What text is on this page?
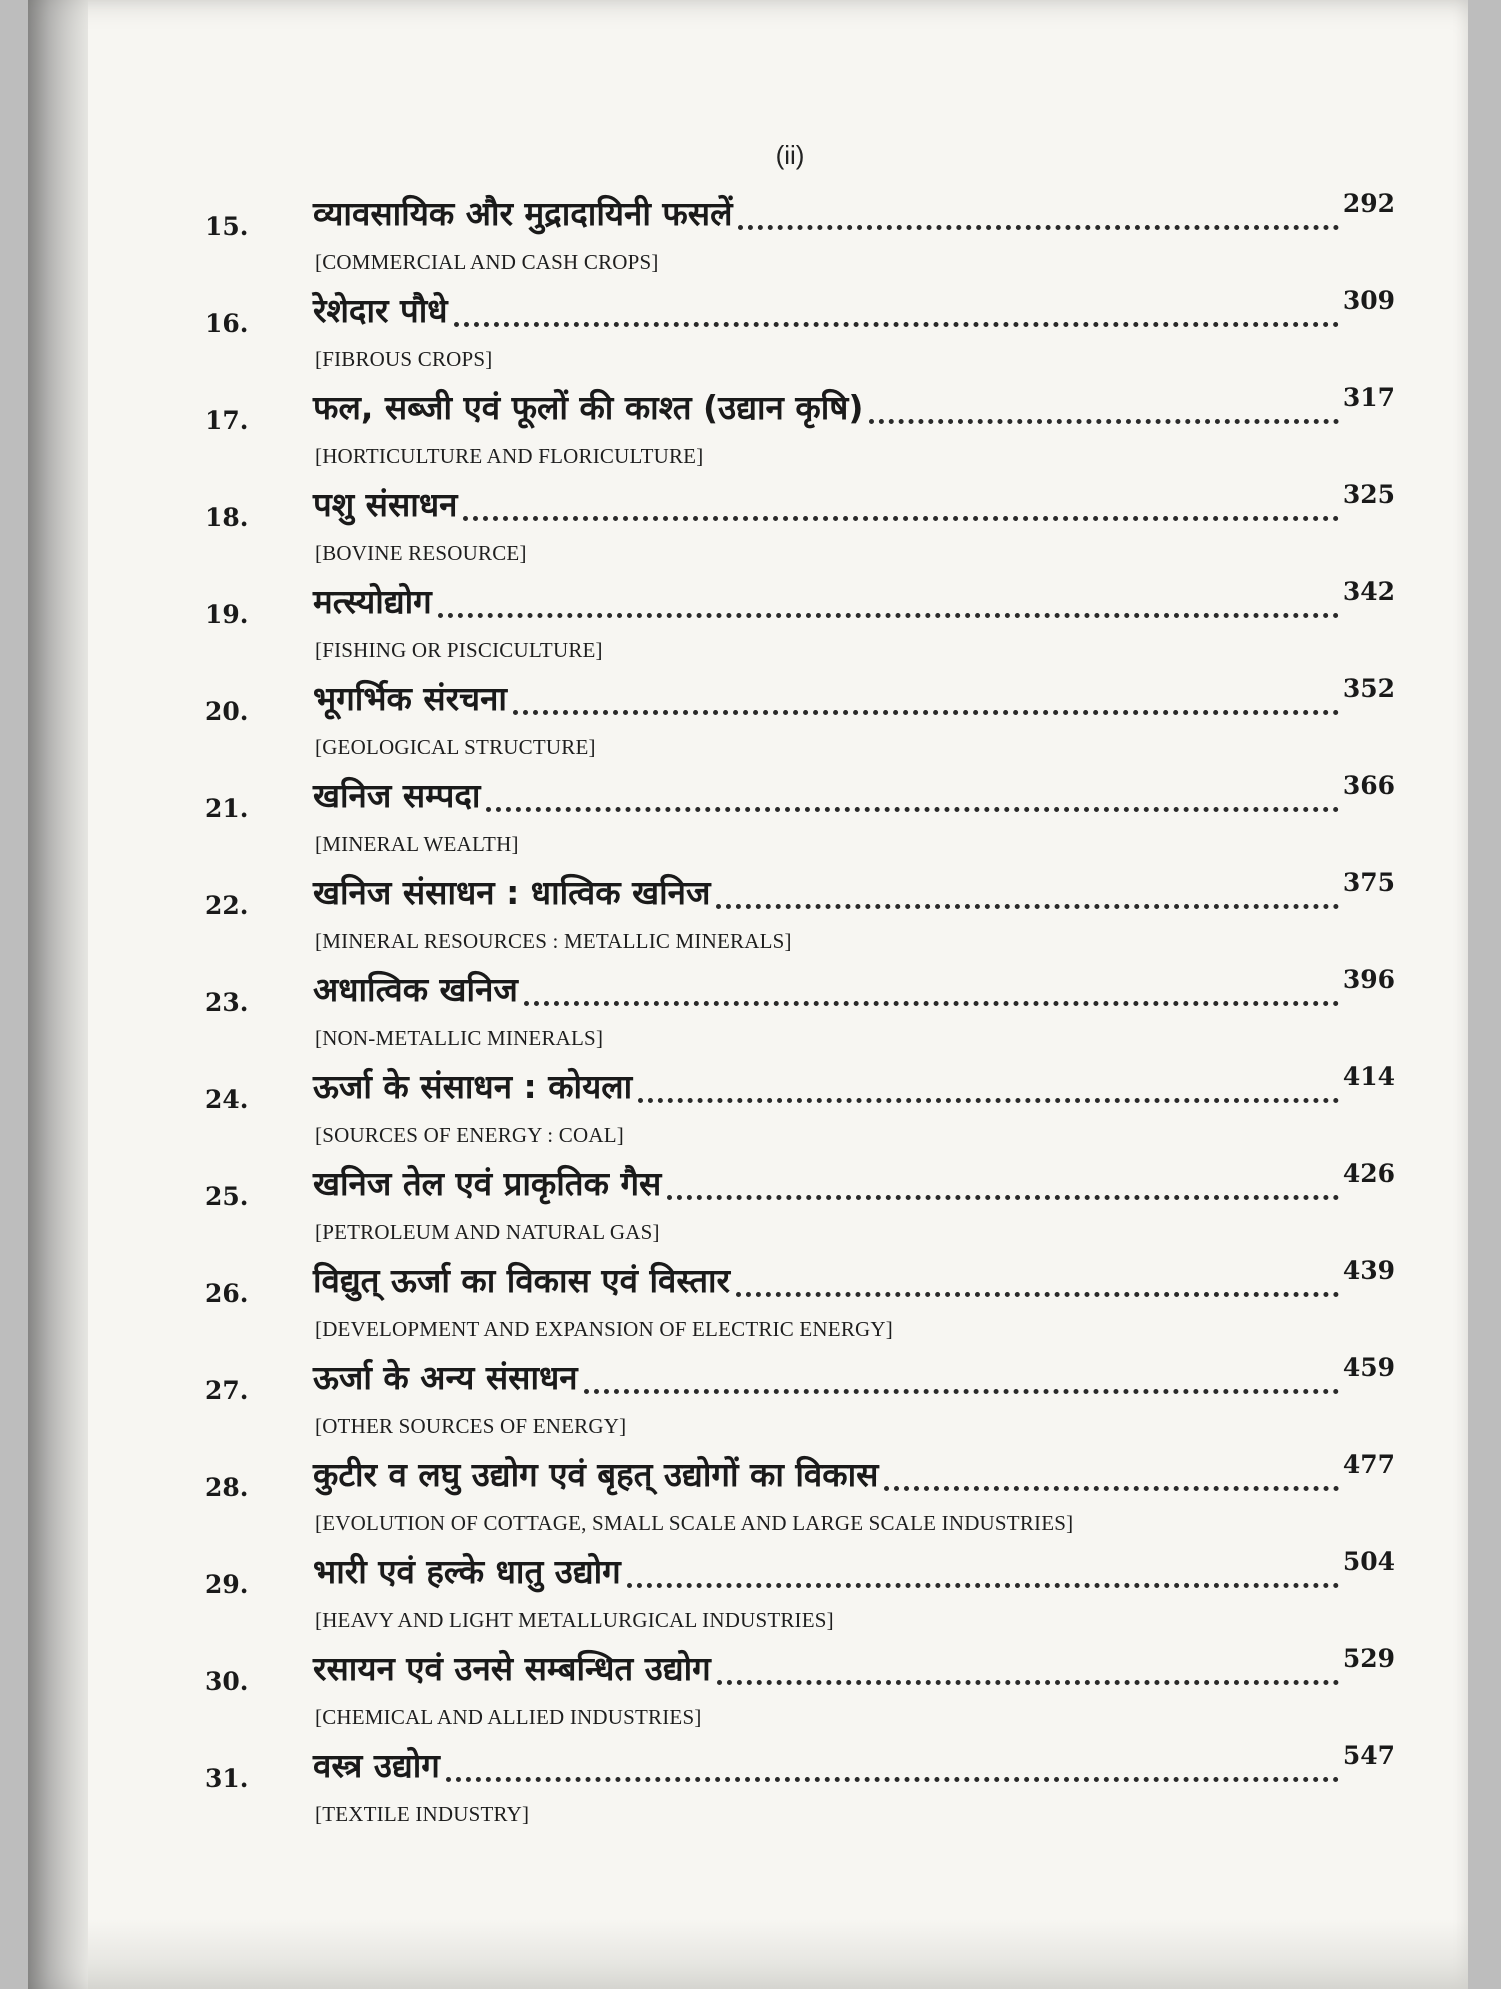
(ii)
15.	व्यावसायिक और मुद्रादायिनी फसलें	292
[COMMERCIAL AND CASH CROPS]
16.	रेशेदार पौधे	309
[FIBROUS CROPS]
17.	फल, सब्जी एवं फूलों की काश्त (उद्यान कृषि)	317
[HORTICULTURE AND FLORICULTURE]
18.	पशु संसाधन	325
[BOVINE RESOURCE]
19.	मत्स्योद्योग	342
[FISHING OR PISCICULTURE]
20.	भूगर्भिक संरचना	352
[GEOLOGICAL STRUCTURE]
21.	खनिज सम्पदा	366
[MINERAL WEALTH]
22.	खनिज संसाधन : धात्विक खनिज	375
[MINERAL RESOURCES : METALLIC MINERALS]
23.	अधात्विक खनिज	396
[NON-METALLIC MINERALS]
24.	ऊर्जा के संसाधन : कोयला	414
[SOURCES OF ENERGY : COAL]
25.	खनिज तेल एवं प्राकृतिक गैस	426
[PETROLEUM AND NATURAL GAS]
26.	विद्युत् ऊर्जा का विकास एवं विस्तार	439
[DEVELOPMENT AND EXPANSION OF ELECTRIC ENERGY]
27.	ऊर्जा के अन्य संसाधन	459
[OTHER SOURCES OF ENERGY]
28.	कुटीर व लघु उद्योग एवं बृहत् उद्योगों का विकास	477
[EVOLUTION OF COTTAGE, SMALL SCALE AND LARGE SCALE INDUSTRIES]
29.	भारी एवं हल्के धातु उद्योग	504
[HEAVY AND LIGHT METALLURGICAL INDUSTRIES]
30.	रसायन एवं उनसे सम्बन्धित उद्योग	529
[CHEMICAL AND ALLIED INDUSTRIES]
31.	वस्त्र उद्योग	547
[TEXTILE INDUSTRY]
